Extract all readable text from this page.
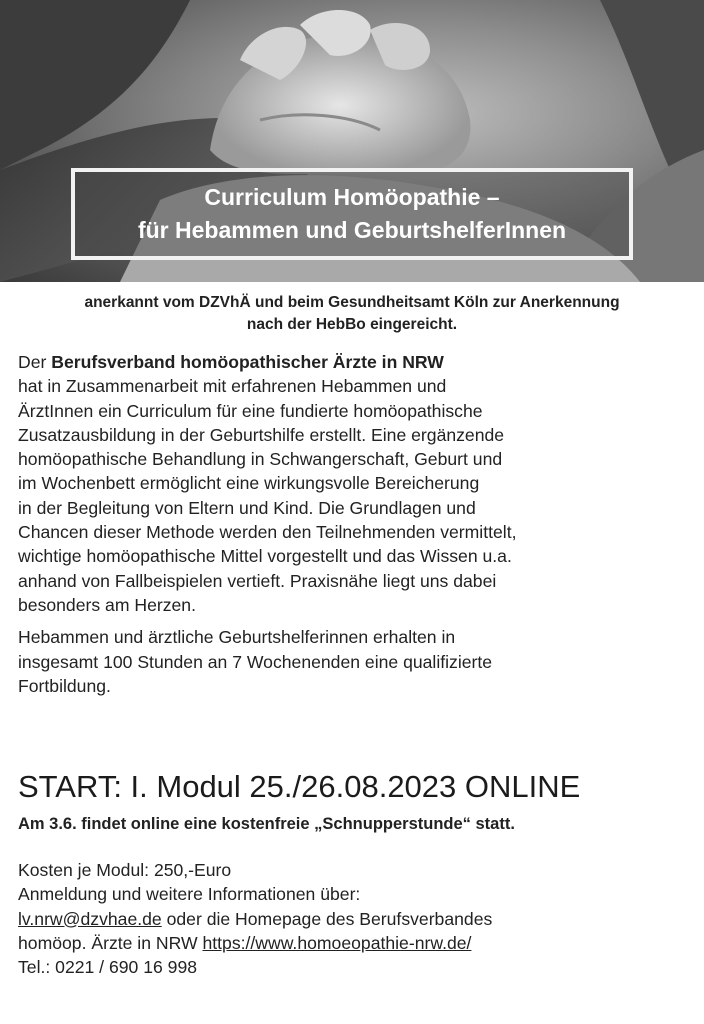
Curriculum Homöopathie –
für Hebammen und GeburtshelferInnen
anerkannt vom DZVhÄ und beim Gesundheitsamt Köln zur Anerkennung
nach der HebBo eingereicht.

Der Berufsverband homöopathischer Ärzte in NRW
hat in Zusammenarbeit mit erfahrenen Hebammen und
ÄrztInnen ein Curriculum für eine fundierte homöopathische
Zusatzausbildung in der Geburtshilfe erstellt. Eine ergänzende
homöopathische Behandlung in Schwangerschaft, Geburt und
im Wochenbett ermöglicht eine wirkungsvolle Bereicherung
in der Begleitung von Eltern und Kind. Die Grundlagen und
Chancen dieser Methode werden den Teilnehmenden vermittelt,
wichtige homöopathische Mittel vorgestellt und das Wissen u.a.
anhand von Fallbeispielen vertieft. Praxisnähe liegt uns dabei
besonders am Herzen.

Hebammen und ärztliche Geburtshelferinnen erhalten in
insgesamt 100 Stunden an 7 Wochenenden eine qualifizierte
Fortbildung.

START: I. Modul 25./26.08.2023 ONLINE
Am 3.6. findet online eine kostenfreie „Schnupperstunde“ statt.
Kosten je Modul: 250,-Euro
Anmeldung und weitere Informationen über:
lv.nrw@dzvhae.de oder die Homepage des Berufsverbandes
homöop. Ärzte in NRW https://www.homoeopathie-nrw.de/
Tel.: 0221 / 690 16 998
